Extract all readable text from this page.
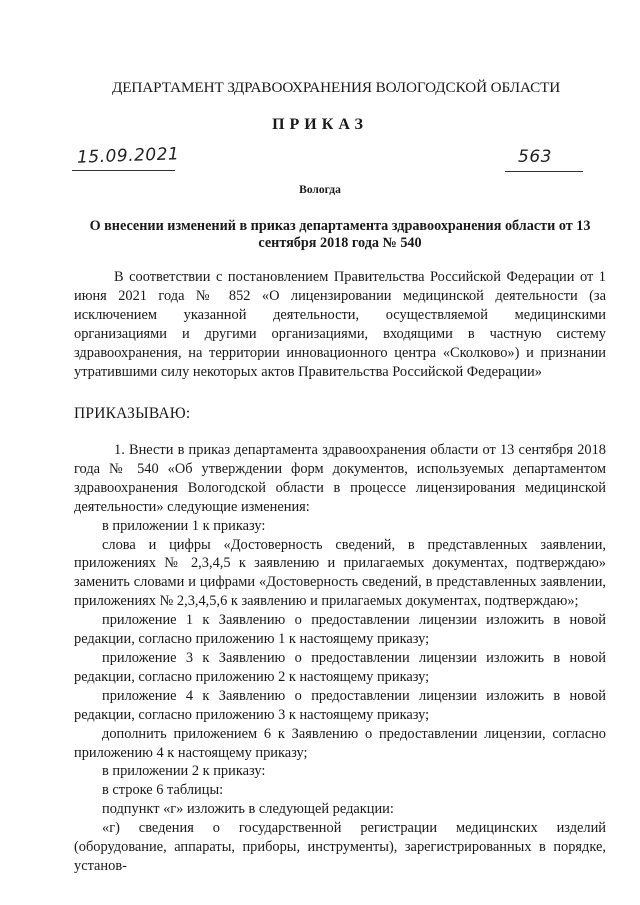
ДЕПАРТАМЕНТ ЗДРАВООХРАНЕНИЯ ВОЛОГОДСКОЙ ОБЛАСТИ
ПРИКАЗ
15.09.2021	563
Вологда
О внесении изменений в приказ департамента здравоохранения области от 13 сентября 2018 года № 540

В соответствии с постановлением Правительства Российской Федерации от 1 июня 2021 года № 852 «О лицензировании медицинской деятельности (за исключением указанной деятельности, осуществляемой медицинскими организациями и другими организациями, входящими в частную систему здравоохранения, на территории инновационного центра «Сколково») и признании утратившими силу некоторых актов Правительства Российской Федерации»

ПРИКАЗЫВАЮ:

1. Внести в приказ департамента здравоохранения области от 13 сентября 2018 года № 540 «Об утверждении форм документов, используемых департаментом здравоохранения Вологодской области в процессе лицензирования медицинской деятельности» следующие изменения:

в приложении 1 к приказу:

слова и цифры «Достоверность сведений, в представленных заявлении, приложениях № 2,3,4,5 к заявлению и прилагаемых документах, подтверждаю» заменить словами и цифрами «Достоверность сведений, в представленных заявлении, приложениях № 2,3,4,5,6 к заявлению и прилагаемых документах, подтверждаю»;

приложение 1 к Заявлению о предоставлении лицензии изложить в новой редакции, согласно приложению 1 к настоящему приказу;

приложение 3 к Заявлению о предоставлении лицензии изложить в новой редакции, согласно приложению 2 к настоящему приказу;

приложение 4 к Заявлению о предоставлении лицензии изложить в новой редакции, согласно приложению 3 к настоящему приказу;

дополнить приложением 6 к Заявлению о предоставлении лицензии, согласно приложению 4 к настоящему приказу;

в приложении 2 к приказу:

в строке 6 таблицы:

подпункт «г» изложить в следующей редакции:

«г) сведения о государственной регистрации медицинских изделий (оборудование, аппараты, приборы, инструменты), зарегистрированных в порядке, установ-
